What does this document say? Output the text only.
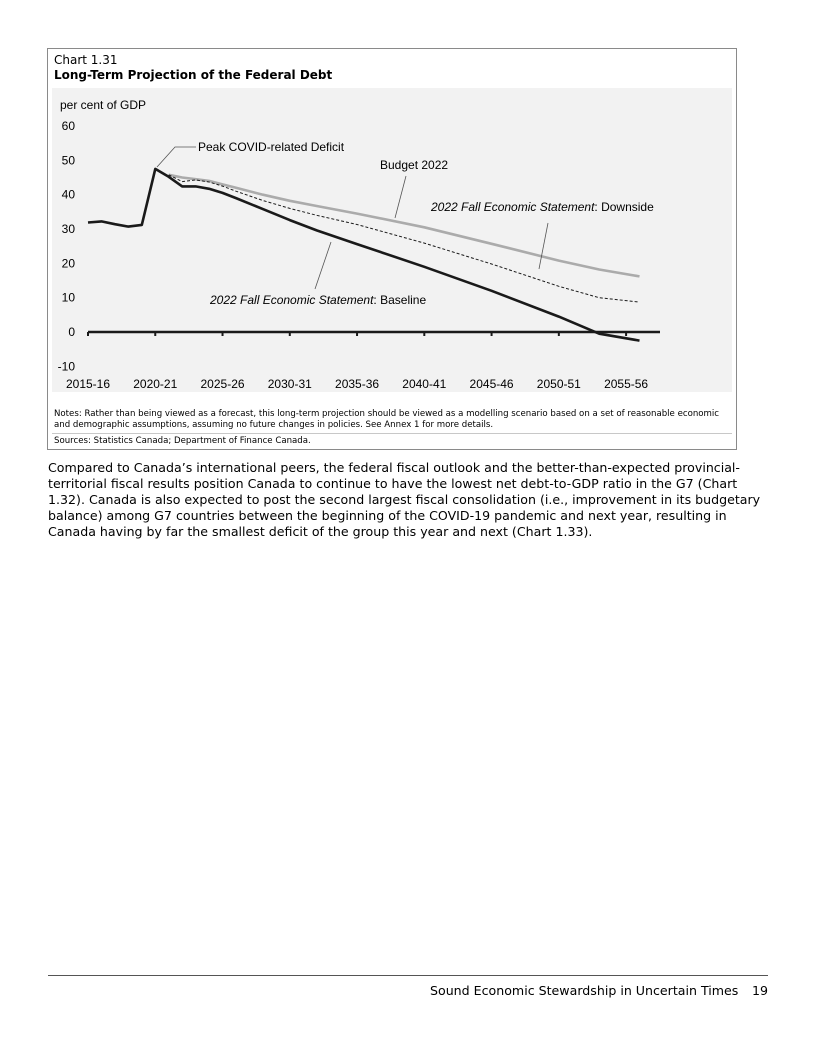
Chart 1.31
Long-Term Projection of the Federal Debt
per cent of GDP
60
50
40
30
20
10
0
-10
2015-16 2020-21 2025-26 2030-31 2035-36 2040-41 2045-46 2050-51 2055-56
Peak COVID-related Deficit
Budget 2022
2022 Fall Economic Statement: Downside
2022 Fall Economic Statement: Baseline
Notes: Rather than being viewed as a forecast, this long-term projection should be viewed as a modelling scenario based on a set of reasonable economic and demographic assumptions, assuming no future changes in policies. See Annex 1 for more details.
Sources: Statistics Canada; Department of Finance Canada.
Compared to Canada’s international peers, the federal fiscal outlook and the better-than-expected provincial-territorial fiscal results position Canada to continue to have the lowest net debt-to-GDP ratio in the G7 (Chart 1.32). Canada is also expected to post the second largest fiscal consolidation (i.e., improvement in its budgetary balance) among G7 countries between the beginning of the COVID-19 pandemic and next year, resulting in Canada having by far the smallest deficit of the group this year and next (Chart 1.33).
Sound Economic Stewardship in Uncertain Times 19
